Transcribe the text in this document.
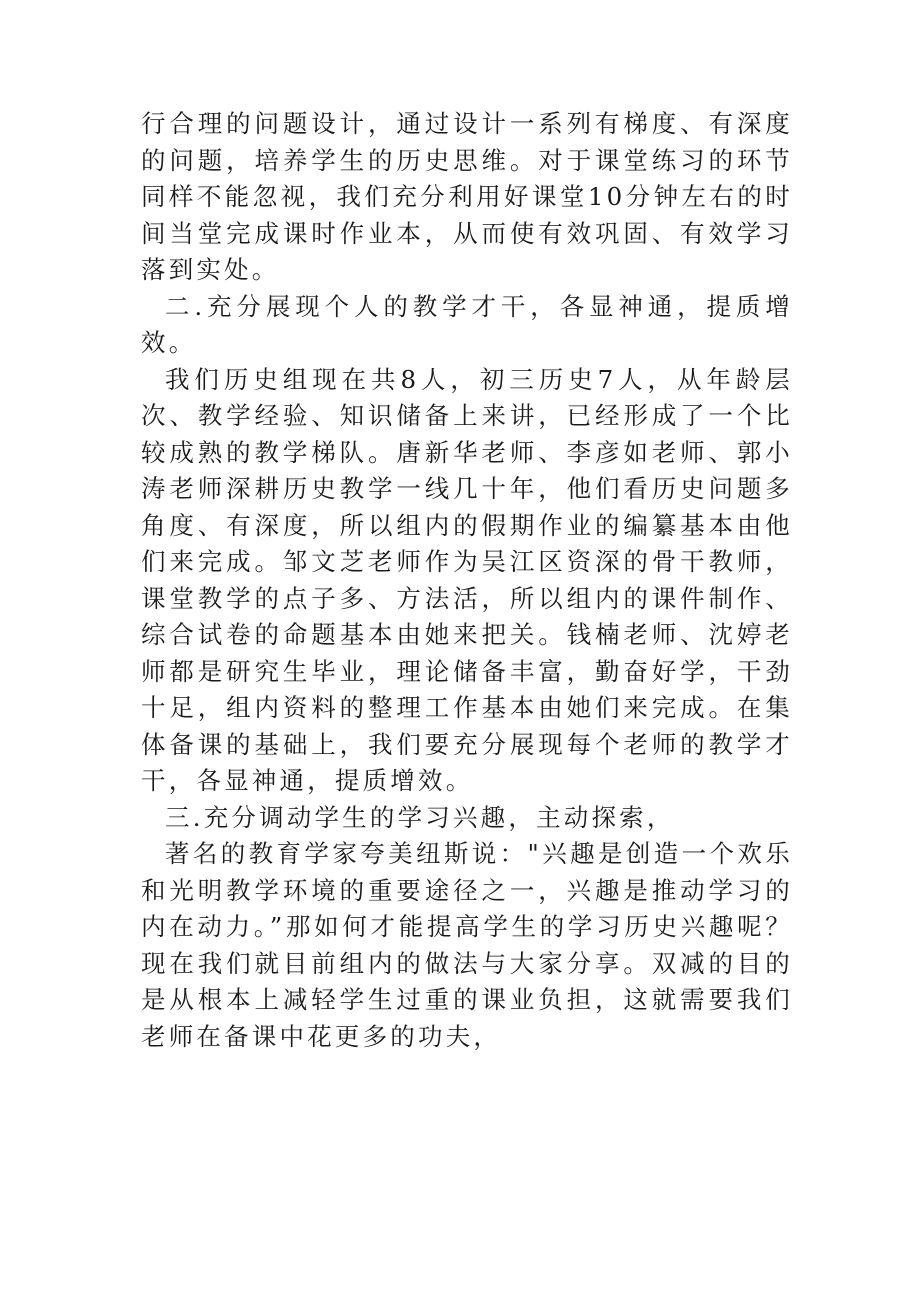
行合理的问题设计，通过设计一系列有梯度、有深度的问题，培养学生的历史思维。对于课堂练习的环节同样不能忽视，我们充分利用好课堂10分钟左右的时间当堂完成课时作业本，从而使有效巩固、有效学习落到实处。

二.充分展现个人的教学才干，各显神通，提质增效。

我们历史组现在共8人，初三历史7人，从年龄层次、教学经验、知识储备上来讲，已经形成了一个比较成熟的教学梯队。唐新华老师、李彦如老师、郭小涛老师深耕历史教学一线几十年，他们看历史问题多角度、有深度，所以组内的假期作业的编纂基本由他们来完成。邹文芝老师作为吴江区资深的骨干教师，课堂教学的点子多、方法活，所以组内的课件制作、综合试卷的命题基本由她来把关。钱楠老师、沈婷老师都是研究生毕业，理论储备丰富，勤奋好学，干劲十足，组内资料的整理工作基本由她们来完成。在集体备课的基础上，我们要充分展现每个老师的教学才干，各显神通，提质增效。

三.充分调动学生的学习兴趣，主动探索，

著名的教育学家夸美纽斯说："兴趣是创造一个欢乐和光明教学环境的重要途径之一，兴趣是推动学习的内在动力。”那如何才能提高学生的学习历史兴趣呢？现在我们就目前组内的做法与大家分享。双减的目的是从根本上减轻学生过重的课业负担，这就需要我们老师在备课中花更多的功夫，
